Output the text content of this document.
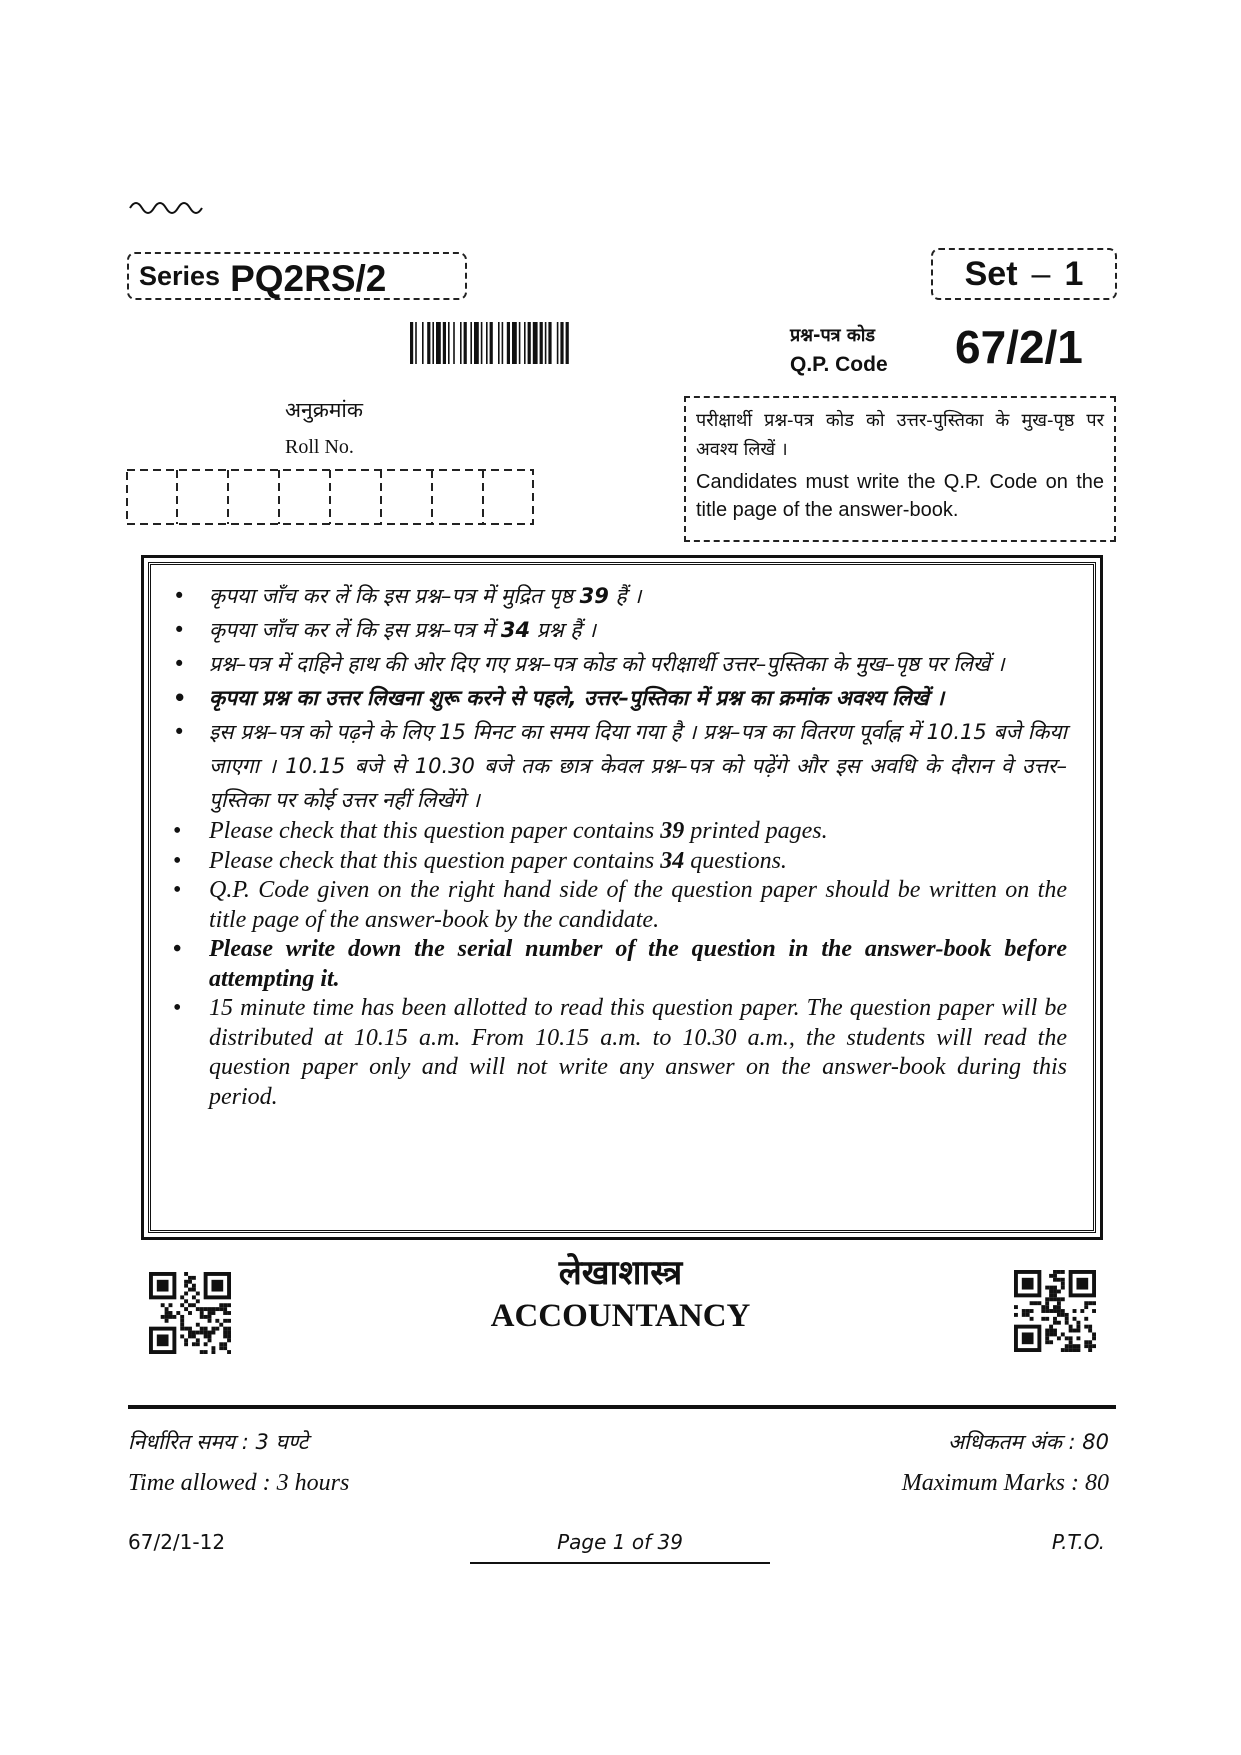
Series PQ2RS/2	Set – 1
प्रश्न-पत्र कोड
Q.P. Code 67/2/1
अनुक्रमांक
Roll No.
परीक्षार्थी प्रश्न-पत्र कोड को उत्तर-पुस्तिका के मुख-पृष्ठ पर अवश्य लिखें ।
Candidates must write the Q.P. Code on the title page of the answer-book.
• कृपया जाँच कर लें कि इस प्रश्न–पत्र में मुद्रित पृष्ठ 39 हैं ।
• कृपया जाँच कर लें कि इस प्रश्न–पत्र में 34 प्रश्न हैं ।
• प्रश्न–पत्र में दाहिने हाथ की ओर दिए गए प्रश्न–पत्र कोड को परीक्षार्थी उत्तर–पुस्तिका के मुख–पृष्ठ पर लिखें ।
• कृपया प्रश्न का उत्तर लिखना शुरू करने से पहले, उत्तर–पुस्तिका में प्रश्न का क्रमांक अवश्य लिखें ।
• इस प्रश्न–पत्र को पढ़ने के लिए 15 मिनट का समय दिया गया है । प्रश्न–पत्र का वितरण पूर्वाह्न में 10.15 बजे किया जाएगा । 10.15 बजे से 10.30 बजे तक छात्र केवल प्रश्न–पत्र को पढ़ेंगे और इस अवधि के दौरान वे उत्तर–पुस्तिका पर कोई उत्तर नहीं लिखेंगे ।
• Please check that this question paper contains 39 printed pages.
• Please check that this question paper contains 34 questions.
• Q.P. Code given on the right hand side of the question paper should be written on the title page of the answer-book by the candidate.
• Please write down the serial number of the question in the answer-book before attempting it.
• 15 minute time has been allotted to read this question paper. The question paper will be distributed at 10.15 a.m. From 10.15 a.m. to 10.30 a.m., the students will read the question paper only and will not write any answer on the answer-book during this period.
लेखाशास्त्र
ACCOUNTANCY
निर्धारित समय : 3 घण्टे	अधिकतम अंक : 80
Time allowed : 3 hours	Maximum Marks : 80
67/2/1-12	Page 1 of 39	P.T.O.
